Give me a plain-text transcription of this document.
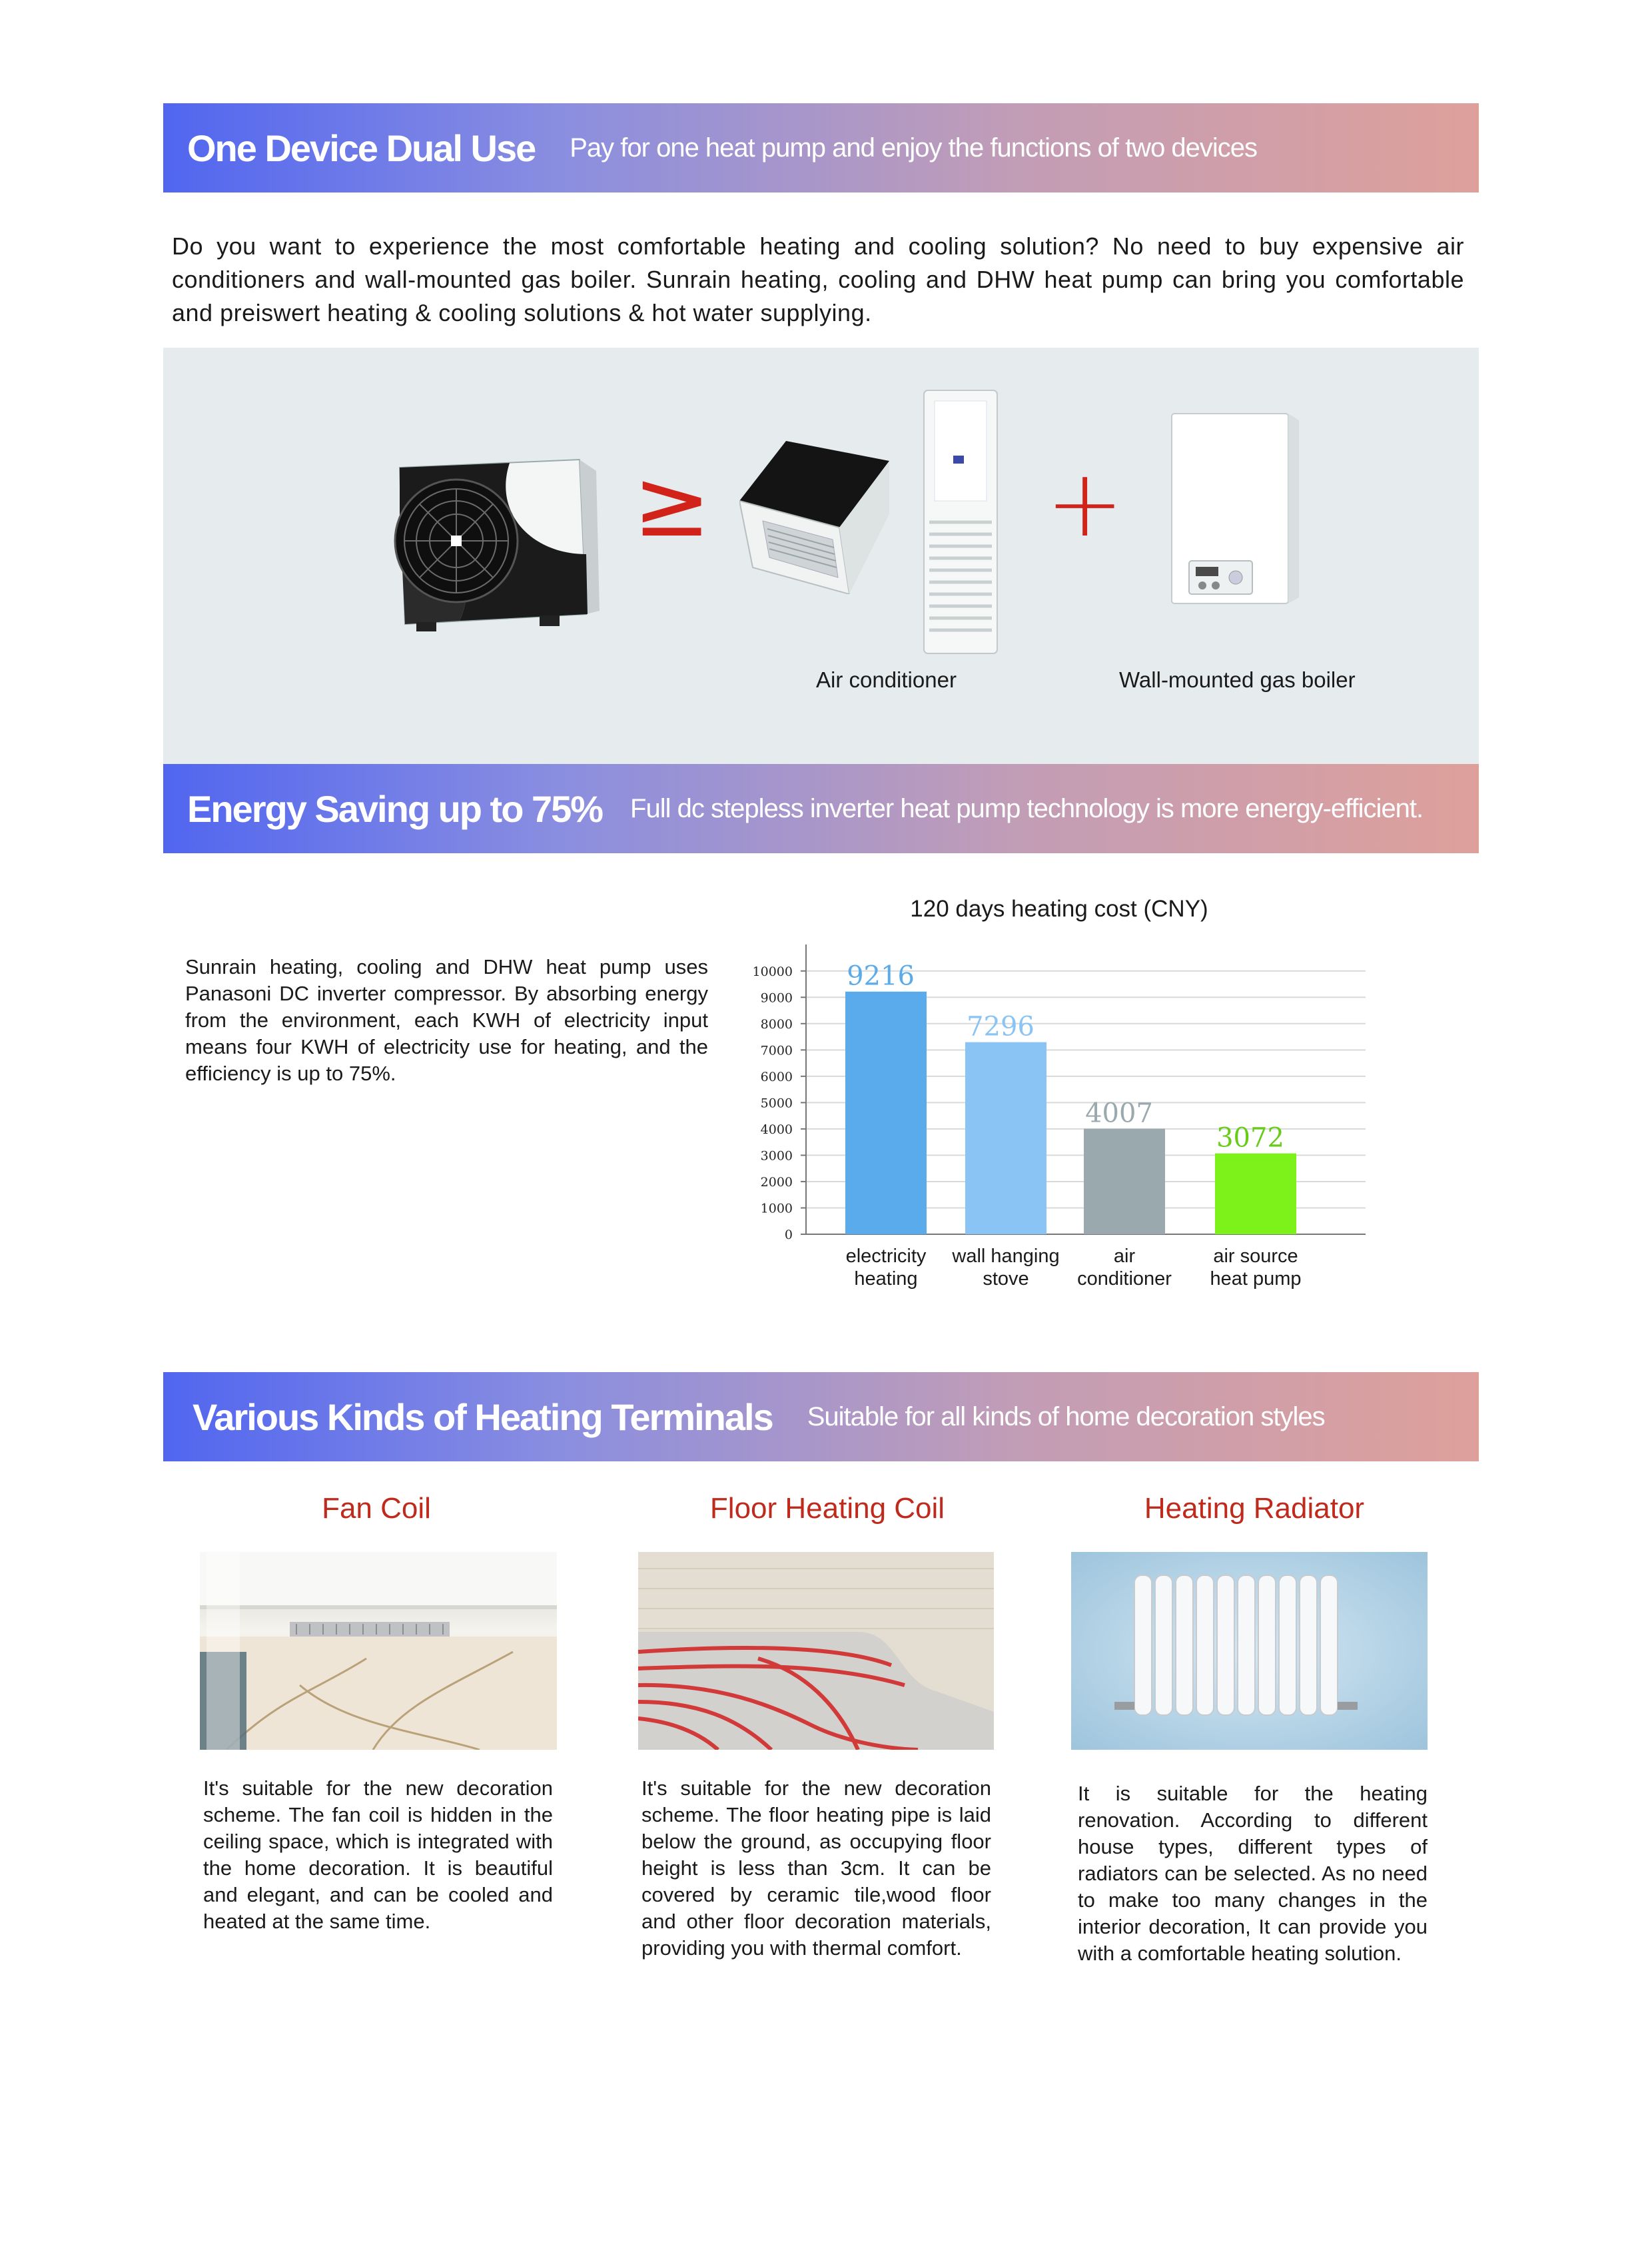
One Device Dual Use Pay for one heat pump and enjoy the functions of two devices

Do you want to experience the most comfortable heating and cooling solution? No need to buy expensive air conditioners and wall-mounted gas boiler. Sunrain heating, cooling and DHW heat pump can bring you comfortable and preiswert heating & cooling solutions & hot water supplying.

≥	+
Air conditioner	Wall-mounted gas boiler
Energy Saving up to 75% Full dc stepless inverter heat pump technology is more energy-efficient.

Sunrain heating, cooling and DHW heat pump uses Panasoni DC inverter compressor. By absorbing energy from the environment, each KWH of electricity input means four KWH of electricity use for heating, and the efficiency is up to 75%.

120 days heating cost (CNY)
0
1000
2000
3000
4000
5000
6000
7000
8000
9000
10000 9216
7296
4007
3072
electricity heating
wall hanging stove
air conditioner
air source heat pump
Various Kinds of Heating Terminals Suitable for all kinds of home decoration styles
Fan Coil	Floor Heating Coil	Heating Radiator

It's suitable for the new decoration scheme. The fan coil is hidden in the ceiling space, which is integrated with the home decoration. It is beautiful and elegant, and can be cooled and heated at the same time.

It's suitable for the new decoration scheme. The floor heating pipe is laid below the ground, as occupying floor height is less than 3cm. It can be covered by ceramic tile,wood floor and other floor decoration materials, providing you with thermal comfort.

It is suitable for the heating renovation. According to different house types, different types of radiators can be selected. As no need to make too many changes in the interior decoration, It can provide you with a comfortable heating solution.
